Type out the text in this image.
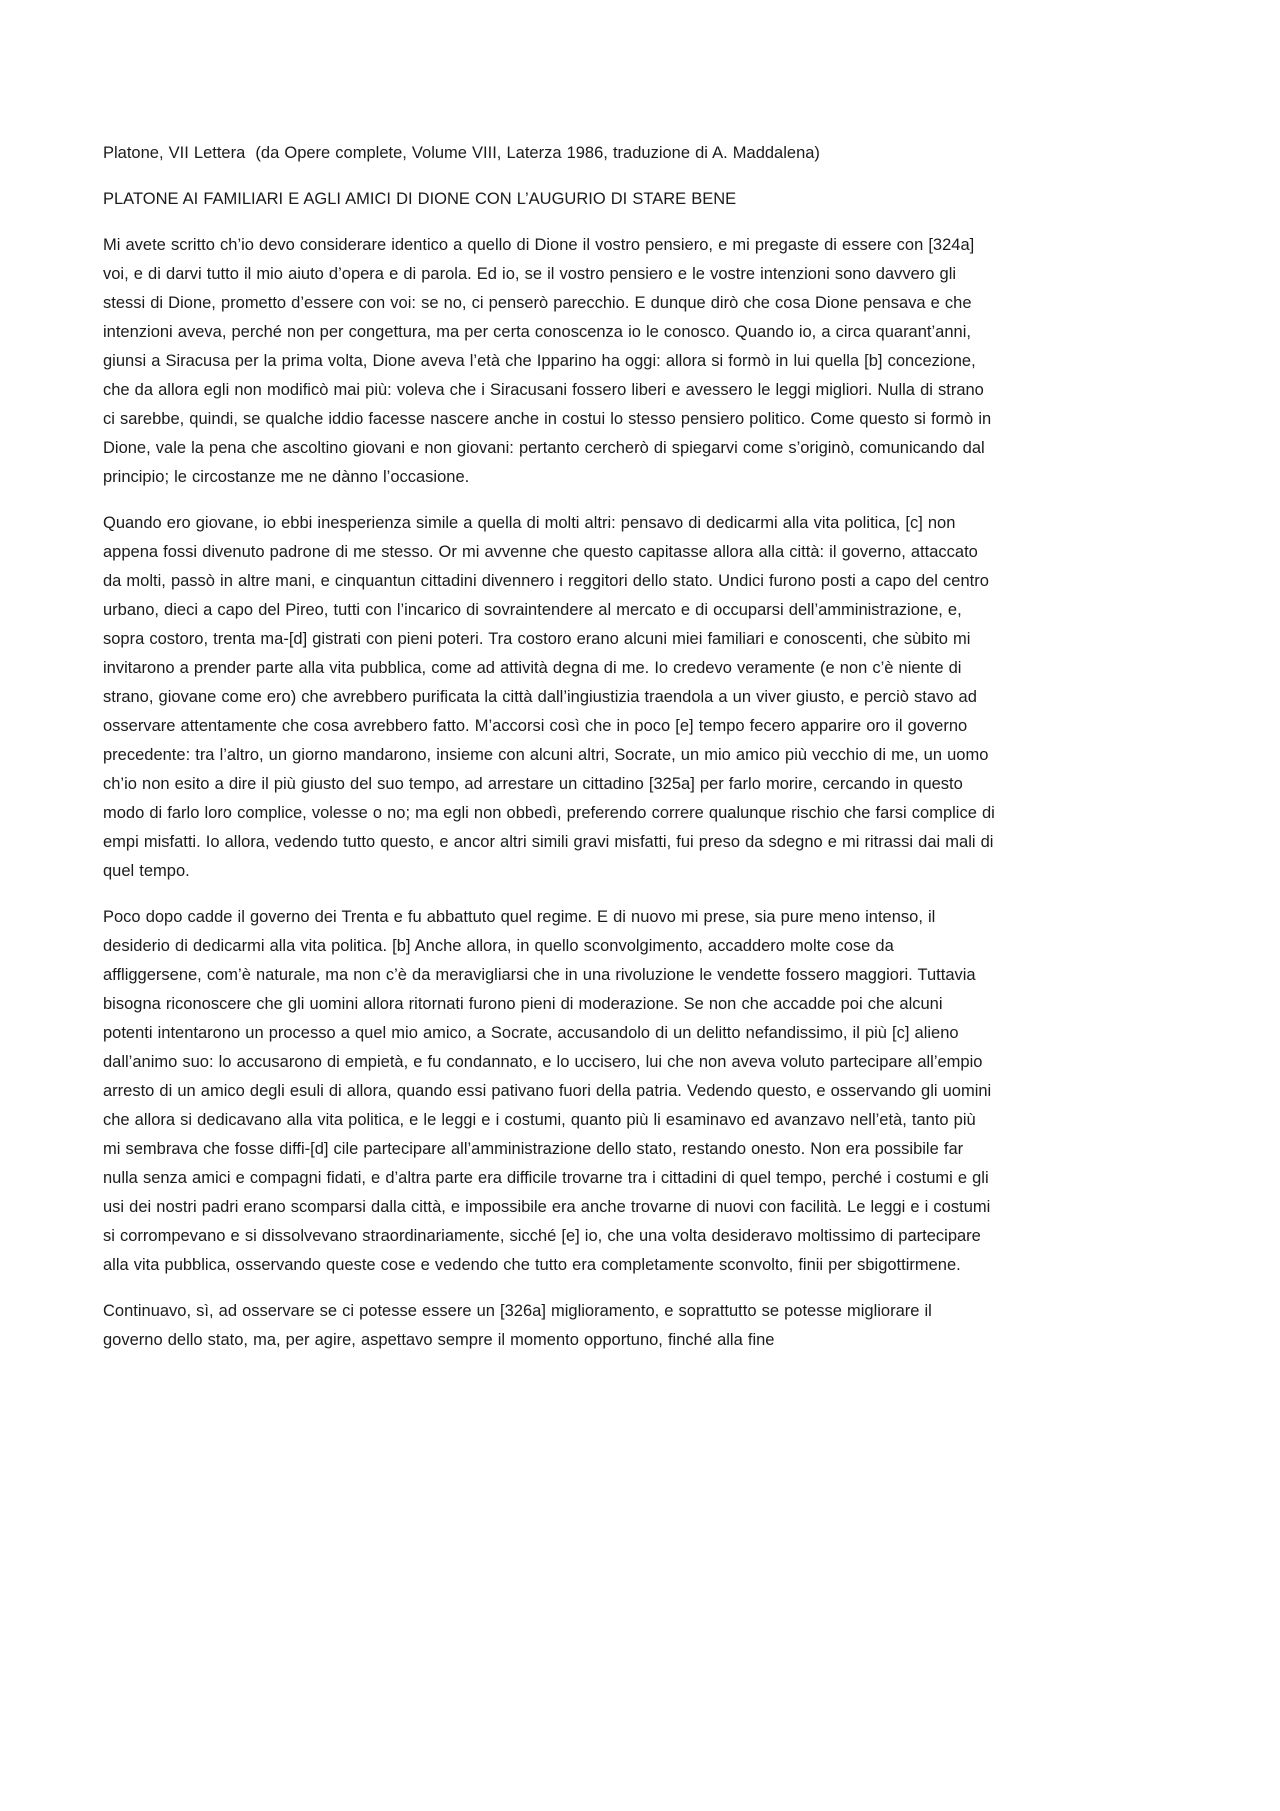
Platone, VII Lettera  (da Opere complete, Volume VIII, Laterza 1986, traduzione di A. Maddalena)

PLATONE AI FAMILIARI E AGLI AMICI DI DIONE CON L’AUGURIO DI STARE BENE

Mi avete scritto ch’io devo considerare identico a quello di Dione il vostro pensiero, e mi pregaste di essere con [324a] voi, e di darvi tutto il mio aiuto d’opera e di parola. Ed io, se il vostro pensiero e le vostre intenzioni sono davvero gli stessi di Dione, prometto d’essere con voi: se no, ci penserò parecchio. E dunque dirò che cosa Dione pensava e che intenzioni aveva, perché non per congettura, ma per certa conoscenza io le conosco. Quando io, a circa quarant’anni, giunsi a Siracusa per la prima volta, Dione aveva l’età che Ipparino ha oggi: allora si formò in lui quella [b] concezione, che da allora egli non modificò mai più: voleva che i Siracusani fossero liberi e avessero le leggi migliori. Nulla di strano ci sarebbe, quindi, se qualche iddio facesse nascere anche in costui lo stesso pensiero politico. Come questo si formò in Dione, vale la pena che ascoltino giovani e non giovani: pertanto cercherò di spiegarvi come s’originò, comunicando dal principio; le circostanze me ne dànno l’occasione.

Quando ero giovane, io ebbi inesperienza simile a quella di molti altri: pensavo di dedicarmi alla vita politica, [c] non appena fossi divenuto padrone di me stesso. Or mi avvenne che questo capitasse allora alla città: il governo, attaccato da molti, passò in altre mani, e cinquantun cittadini divennero i reggitori dello stato. Undici furono posti a capo del centro urbano, dieci a capo del Pireo, tutti con l’incarico di sovraintendere al mercato e di occuparsi dell’amministrazione, e, sopra costoro, trenta ma-[d] gistrati con pieni poteri. Tra costoro erano alcuni miei familiari e conoscenti, che sùbito mi invitarono a prender parte alla vita pubblica, come ad attività degna di me. Io credevo veramente (e non c’è niente di strano, giovane come ero) che avrebbero purificata la città dall’ingiustizia traendola a un viver giusto, e perciò stavo ad osservare attentamente che cosa avrebbero fatto. M’accorsi così che in poco [e] tempo fecero apparire oro il governo precedente: tra l’altro, un giorno mandarono, insieme con alcuni altri, Socrate, un mio amico più vecchio di me, un uomo ch’io non esito a dire il più giusto del suo tempo, ad arrestare un cittadino [325a] per farlo morire, cercando in questo modo di farlo loro complice, volesse o no; ma egli non obbedì, preferendo correre qualunque rischio che farsi complice di empi misfatti. Io allora, vedendo tutto questo, e ancor altri simili gravi misfatti, fui preso da sdegno e mi ritrassi dai mali di quel tempo.

Poco dopo cadde il governo dei Trenta e fu abbattuto quel regime. E di nuovo mi prese, sia pure meno intenso, il desiderio di dedicarmi alla vita politica. [b] Anche allora, in quello sconvolgimento, accaddero molte cose da affliggersene, com’è naturale, ma non c’è da meravigliarsi che in una rivoluzione le vendette fossero maggiori. Tuttavia bisogna riconoscere che gli uomini allora ritornati furono pieni di moderazione. Se non che accadde poi che alcuni potenti intentarono un processo a quel mio amico, a Socrate, accusandolo di un delitto nefandissimo, il più [c] alieno dall’animo suo: lo accusarono di empietà, e fu condannato, e lo uccisero, lui che non aveva voluto partecipare all’empio arresto di un amico degli esuli di allora, quando essi pativano fuori della patria. Vedendo questo, e osservando gli uomini che allora si dedicavano alla vita politica, e le leggi e i costumi, quanto più li esaminavo ed avanzavo nell’età, tanto più mi sembrava che fosse diffi-[d] cile partecipare all’amministrazione dello stato, restando onesto. Non era possibile far nulla senza amici e compagni fidati, e d’altra parte era difficile trovarne tra i cittadini di quel tempo, perché i costumi e gli usi dei nostri padri erano scomparsi dalla città, e impossibile era anche trovarne di nuovi con facilità. Le leggi e i costumi si corrompevano e si dissolvevano straordinariamente, sicché [e] io, che una volta desideravo moltissimo di partecipare alla vita pubblica, osservando queste cose e vedendo che tutto era completamente sconvolto, finii per sbigottirmene.

Continuavo, sì, ad osservare se ci potesse essere un [326a] miglioramento, e soprattutto se potesse migliorare il governo dello stato, ma, per agire, aspettavo sempre il momento opportuno, finché alla fine
